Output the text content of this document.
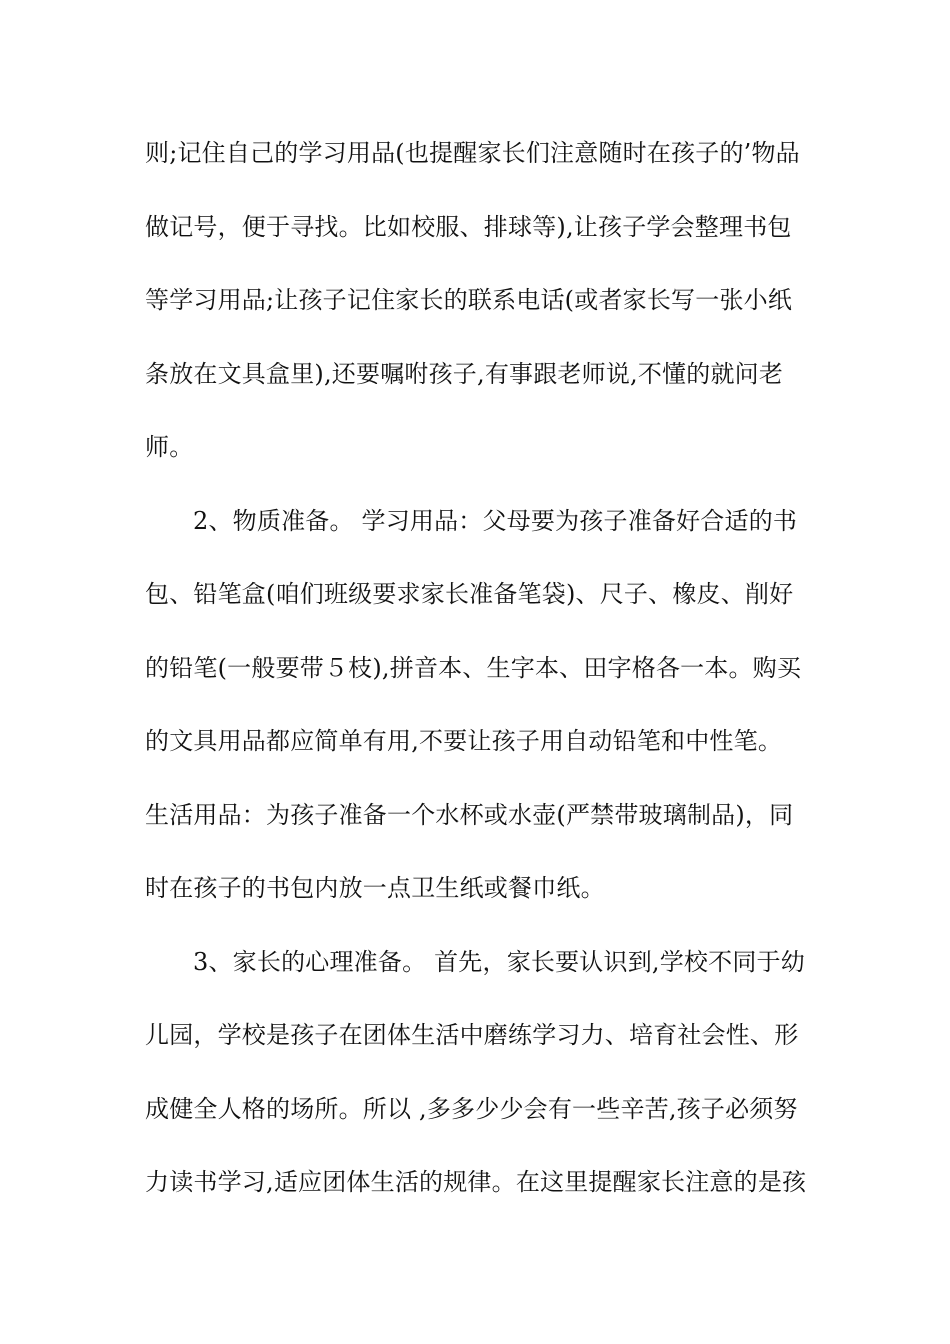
则;记住自己的学习用品(也提醒家长们注意随时在孩子的’物品
做记号，便于寻找。比如校服、排球等),让孩子学会整理书包
等学习用品;让孩子记住家长的联系电话(或者家长写一张小纸
条放在文具盒里),还要嘱咐孩子,有事跟老师说,不懂的就问老
师。
2、物质准备。 学习用品：父母要为孩子准备好合适的书
包、铅笔盒(咱们班级要求家长准备笔袋)、尺子、橡皮、削好
的铅笔(一般要带５枝),拼音本、生字本、田字格各一本。购买
的文具用品都应简单有用,不要让孩子用自动铅笔和中性笔。
生活用品：为孩子准备一个水杯或水壶(严禁带玻璃制品)，同
时在孩子的书包内放一点卫生纸或餐巾纸。
3、家长的心理准备。 首先，家长要认识到,学校不同于幼
儿园，学校是孩子在团体生活中磨练学习力、培育社会性、形
成健全人格的场所。所以 ,多多少少会有一些辛苦,孩子必须努
力读书学习,适应团体生活的规律。在这里提醒家长注意的是孩
